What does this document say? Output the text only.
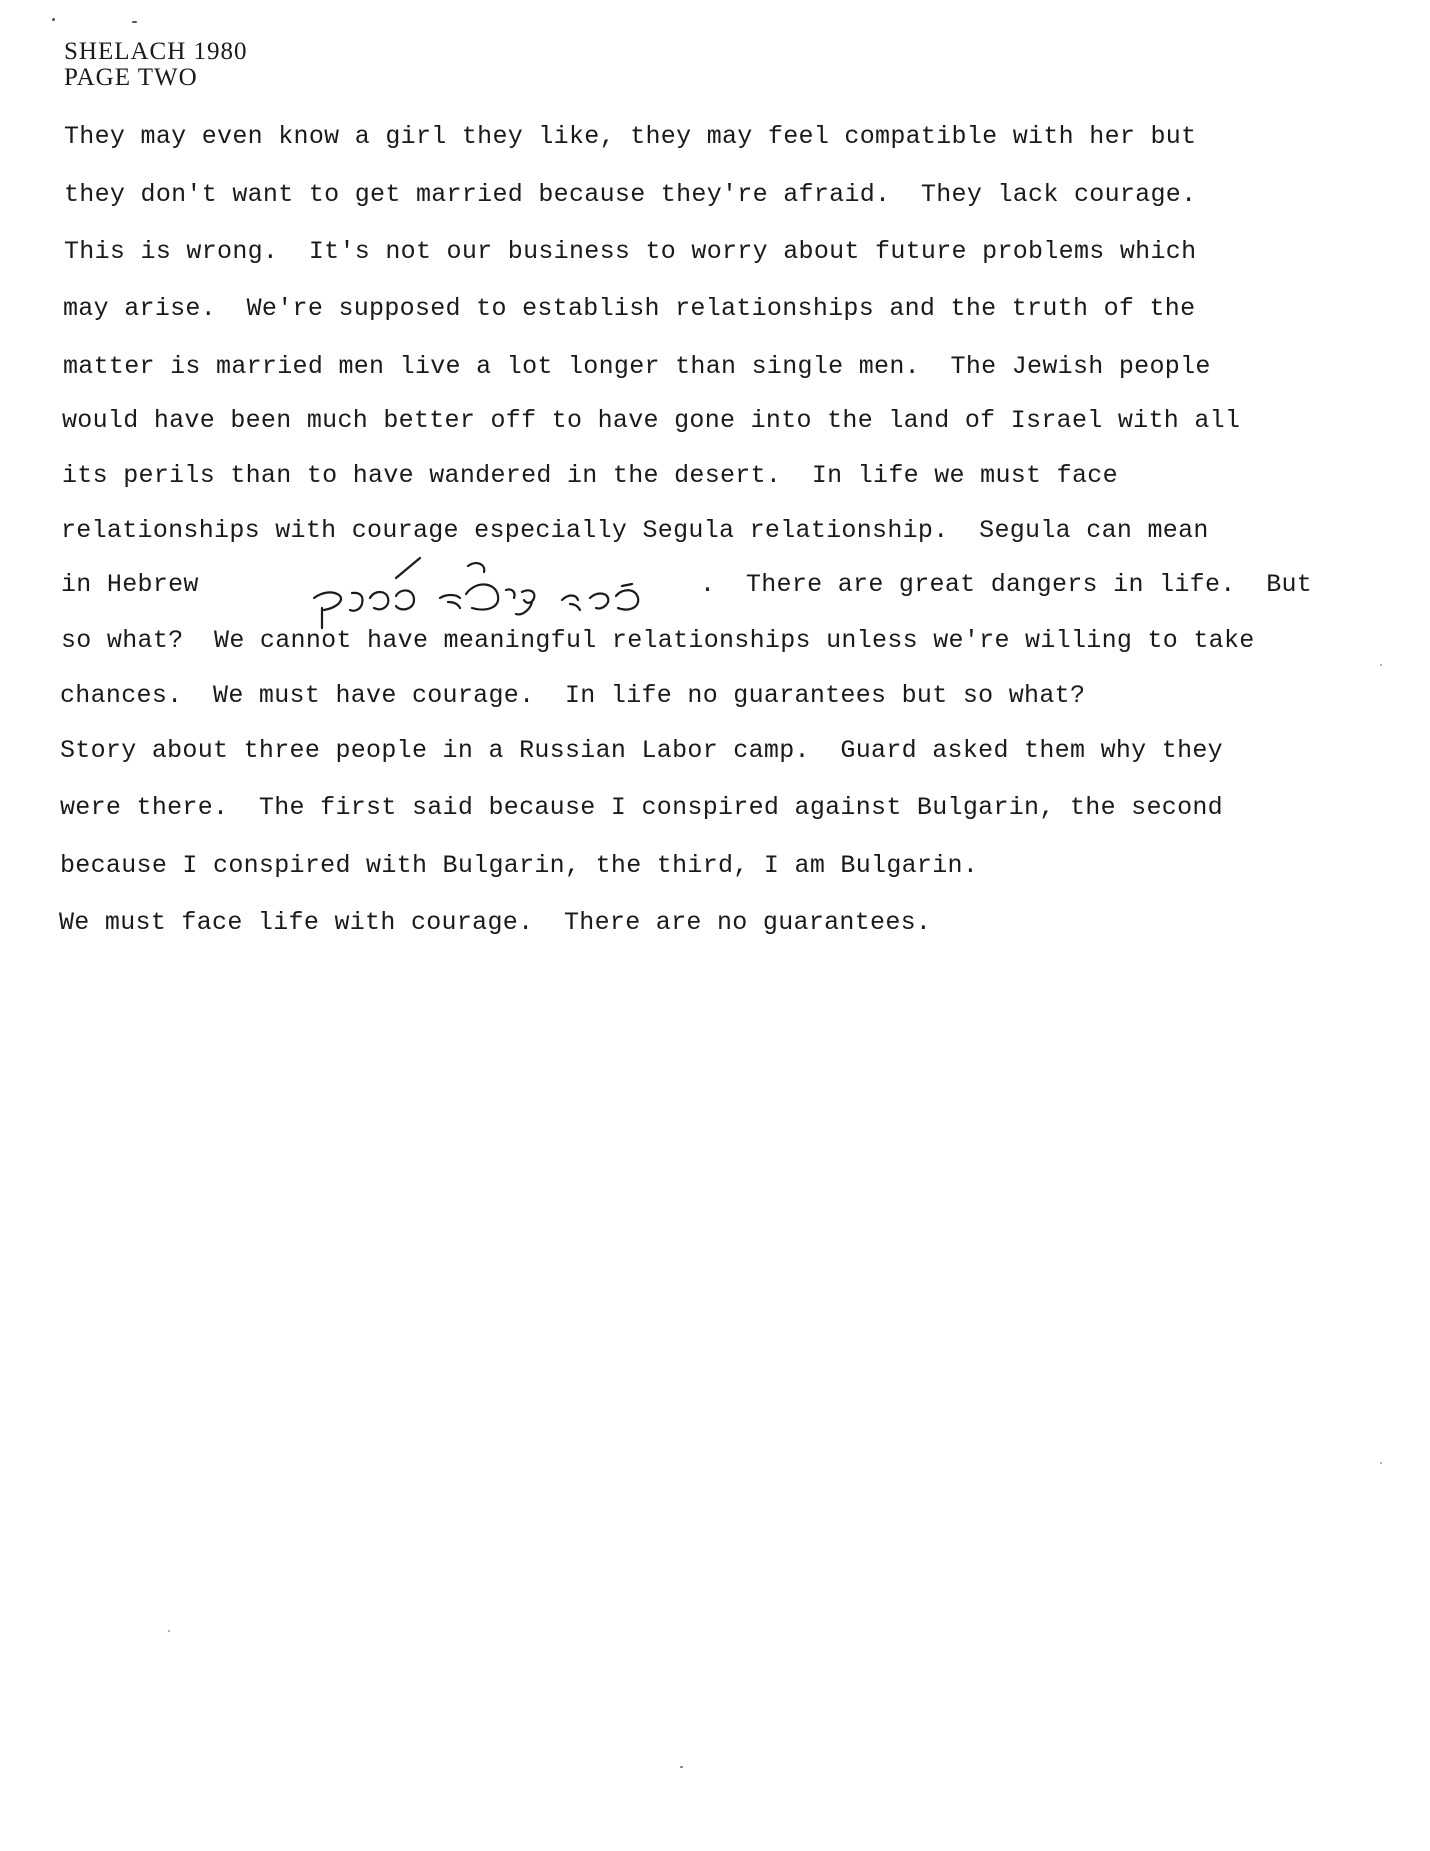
SHELACH 1980
PAGE TWO
They may even know a girl they like, they may feel compatible with her but
they don't want to get married because they're afraid.  They lack courage.
This is wrong.  It's not our business to worry about future problems which
may arise.  We're supposed to establish relationships and the truth of the
matter is married men live a lot longer than single men.  The Jewish people
would have been much better off to have gone into the land of Israel with all
its perils than to have wandered in the desert.  In life we must face
relationships with courage especially Segula relationship.  Segula can mean
in Hebrew	.  There are great dangers in life.  But
so what?  We cannot have meaningful relationships unless we're willing to take
chances.  We must have courage.  In life no guarantees but so what?
Story about three people in a Russian Labor camp.  Guard asked them why they
were there.  The first said because I conspired against Bulgarin, the second
because I conspired with Bulgarin, the third, I am Bulgarin.
We must face life with courage.  There are no guarantees.
